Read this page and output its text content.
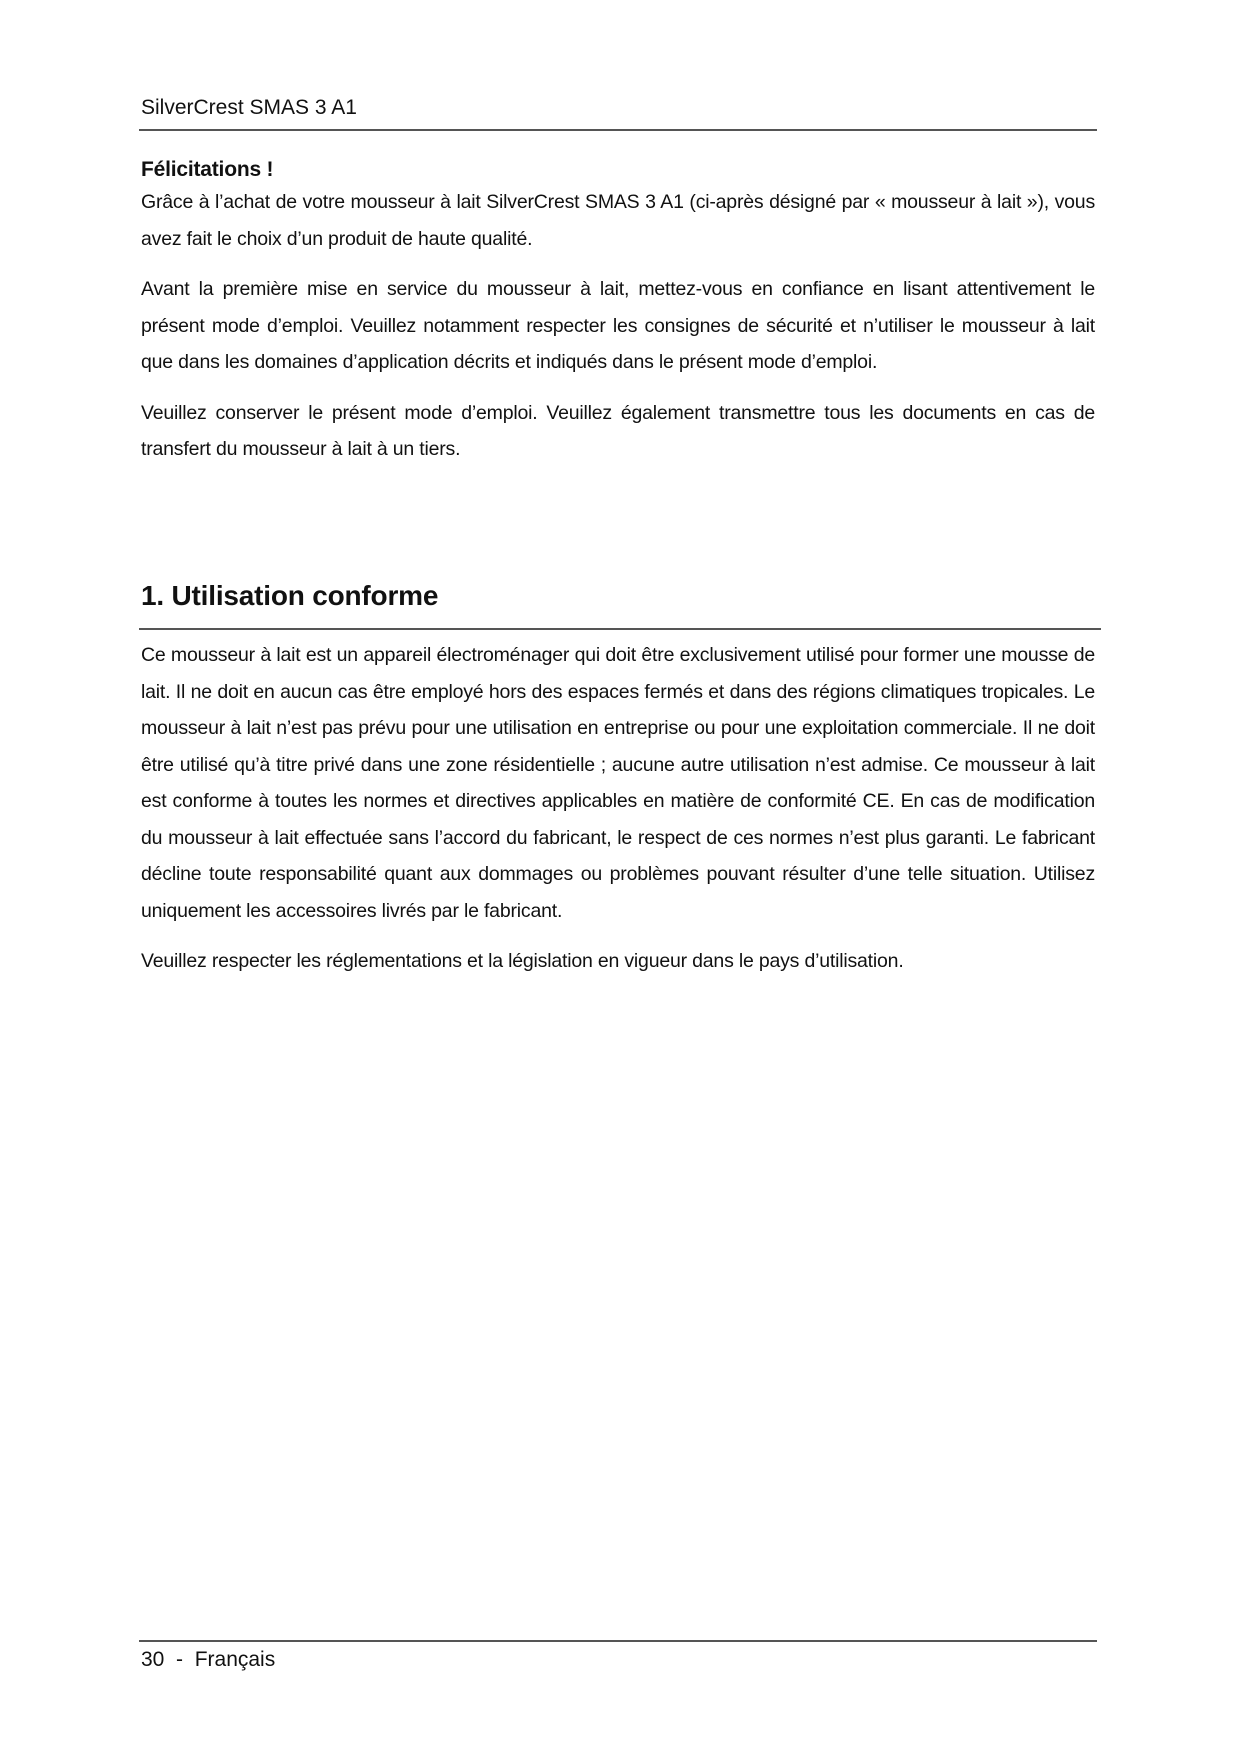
SilverCrest SMAS 3 A1
Félicitations !

Grâce à l’achat de votre mousseur à lait SilverCrest SMAS 3 A1 (ci-après désigné par « mousseur à lait »), vous avez fait le choix d’un produit de haute qualité.

Avant la première mise en service du mousseur à lait, mettez-vous en confiance en lisant attentivement le présent mode d’emploi. Veuillez notamment respecter les consignes de sécurité et n’utiliser le mousseur à lait que dans les domaines d’application décrits et indiqués dans le présent mode d’emploi.

Veuillez conserver le présent mode d’emploi. Veuillez également transmettre tous les documents en cas de transfert du mousseur à lait à un tiers.

1. Utilisation conforme

Ce mousseur à lait est un appareil électroménager qui doit être exclusivement utilisé pour former une mousse de lait. Il ne doit en aucun cas être employé hors des espaces fermés et dans des régions climatiques tropicales. Le mousseur à lait n’est pas prévu pour une utilisation en entreprise ou pour une exploitation commerciale. Il ne doit être utilisé qu’à titre privé dans une zone résidentielle ; aucune autre utilisation n’est admise. Ce mousseur à lait est conforme à toutes les normes et directives applicables en matière de conformité CE. En cas de modification du mousseur à lait effectuée sans l’accord du fabricant, le respect de ces normes n’est plus garanti. Le fabricant décline toute responsabilité quant aux dommages ou problèmes pouvant résulter d’une telle situation. Utilisez uniquement les accessoires livrés par le fabricant.

Veuillez respecter les réglementations et la législation en vigueur dans le pays d’utilisation.

30  -  Français
